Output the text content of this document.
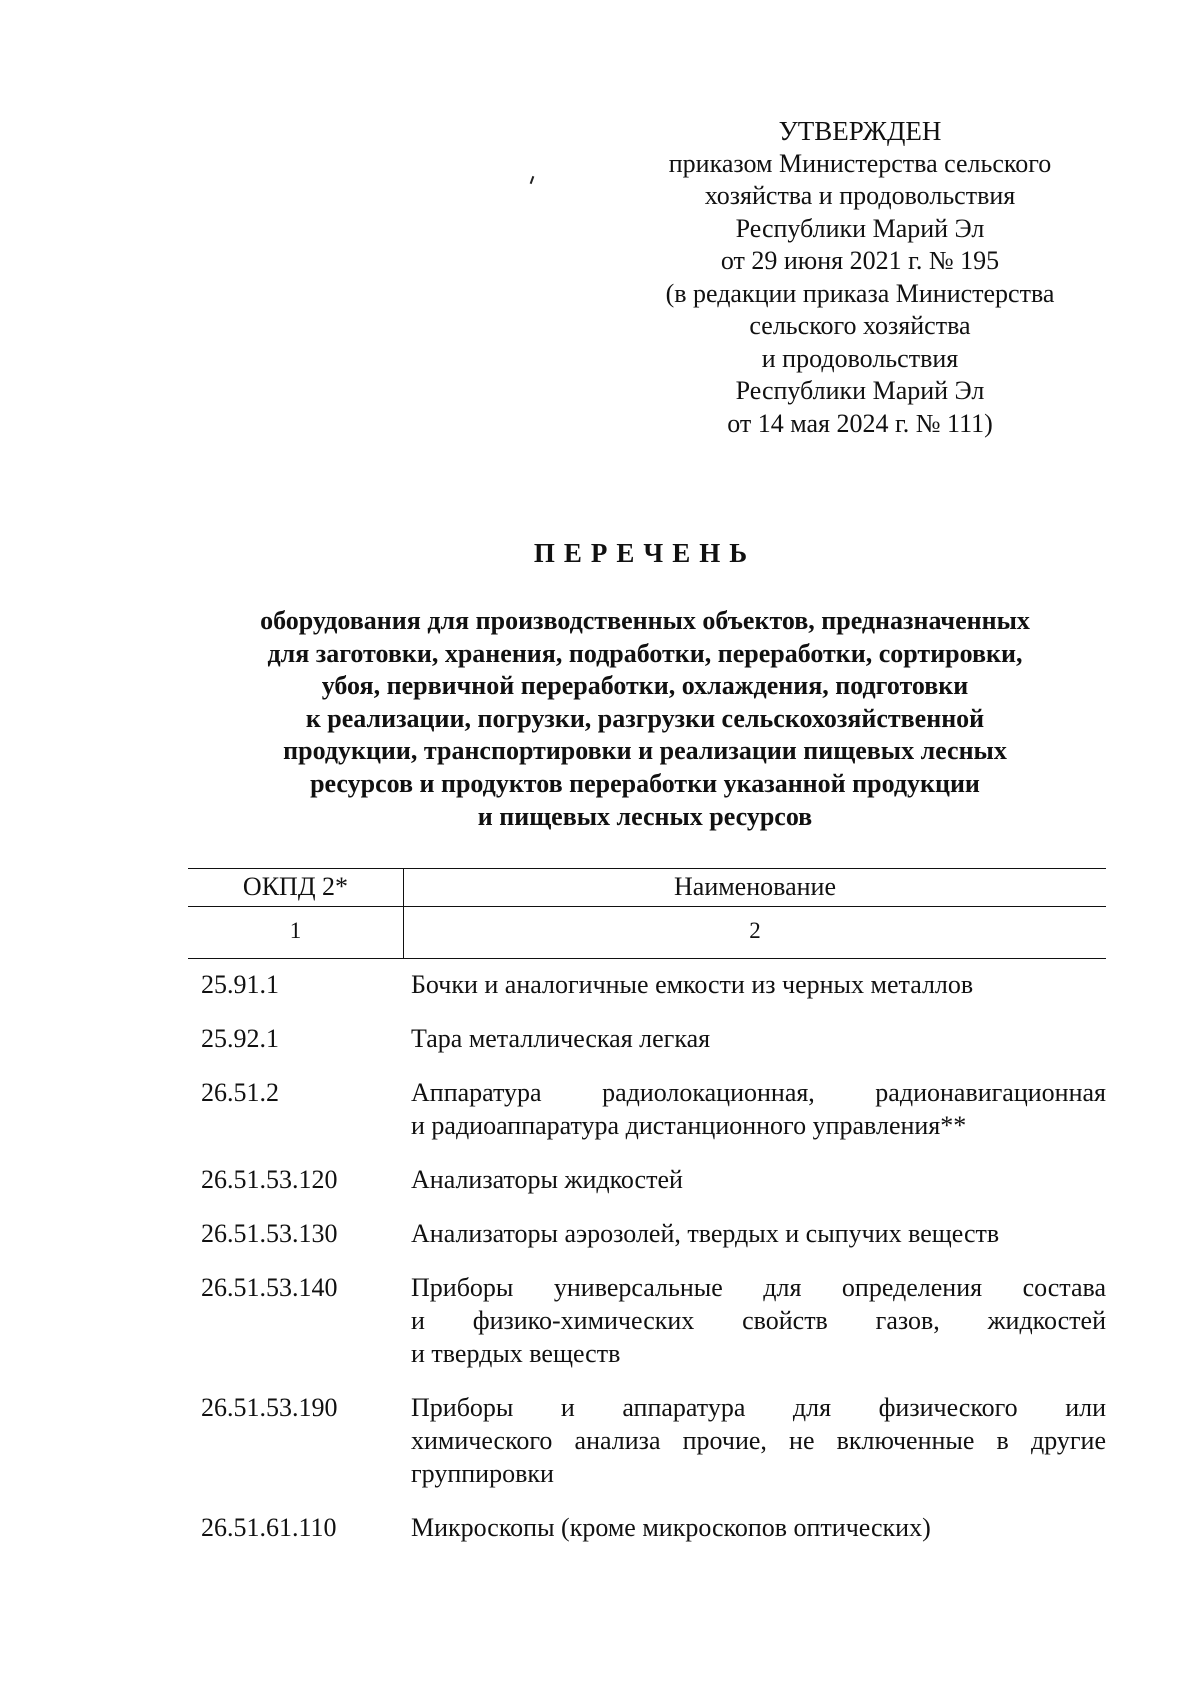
УТВЕРЖДЕН
приказом Министерства сельского
хозяйства и продовольствия
Республики Марий Эл
от 29 июня 2021 г. № 195
(в редакции приказа Министерства
сельского хозяйства
и продовольствия
Республики Марий Эл
от 14 мая 2024 г. № 111)
ПЕРЕЧЕНЬ
оборудования для производственных объектов, предназначенных
для заготовки, хранения, подработки, переработки, сортировки,
убоя, первичной переработки, охлаждения, подготовки
к реализации, погрузки, разгрузки сельскохозяйственной
продукции, транспортировки и реализации пищевых лесных
ресурсов и продуктов переработки указанной продукции
и пищевых лесных ресурсов
ОКПД 2*	Наименование
1	2
25.91.1	Бочки и аналогичные емкости из черных металлов
25.92.1	Тара металлическая легкая
26.51.2	Аппаратура радиолокационная, радионавигационная
и радиоаппаратура дистанционного управления**
26.51.53.120	Анализаторы жидкостей
26.51.53.130	Анализаторы аэрозолей, твердых и сыпучих веществ
26.51.53.140	Приборы универсальные для определения состава
и физико-химических свойств газов, жидкостей
и твердых веществ
26.51.53.190	Приборы и аппаратура для физического или
химического анализа прочие, не включенные в другие
группировки
26.51.61.110	Микроскопы (кроме микроскопов оптических)
